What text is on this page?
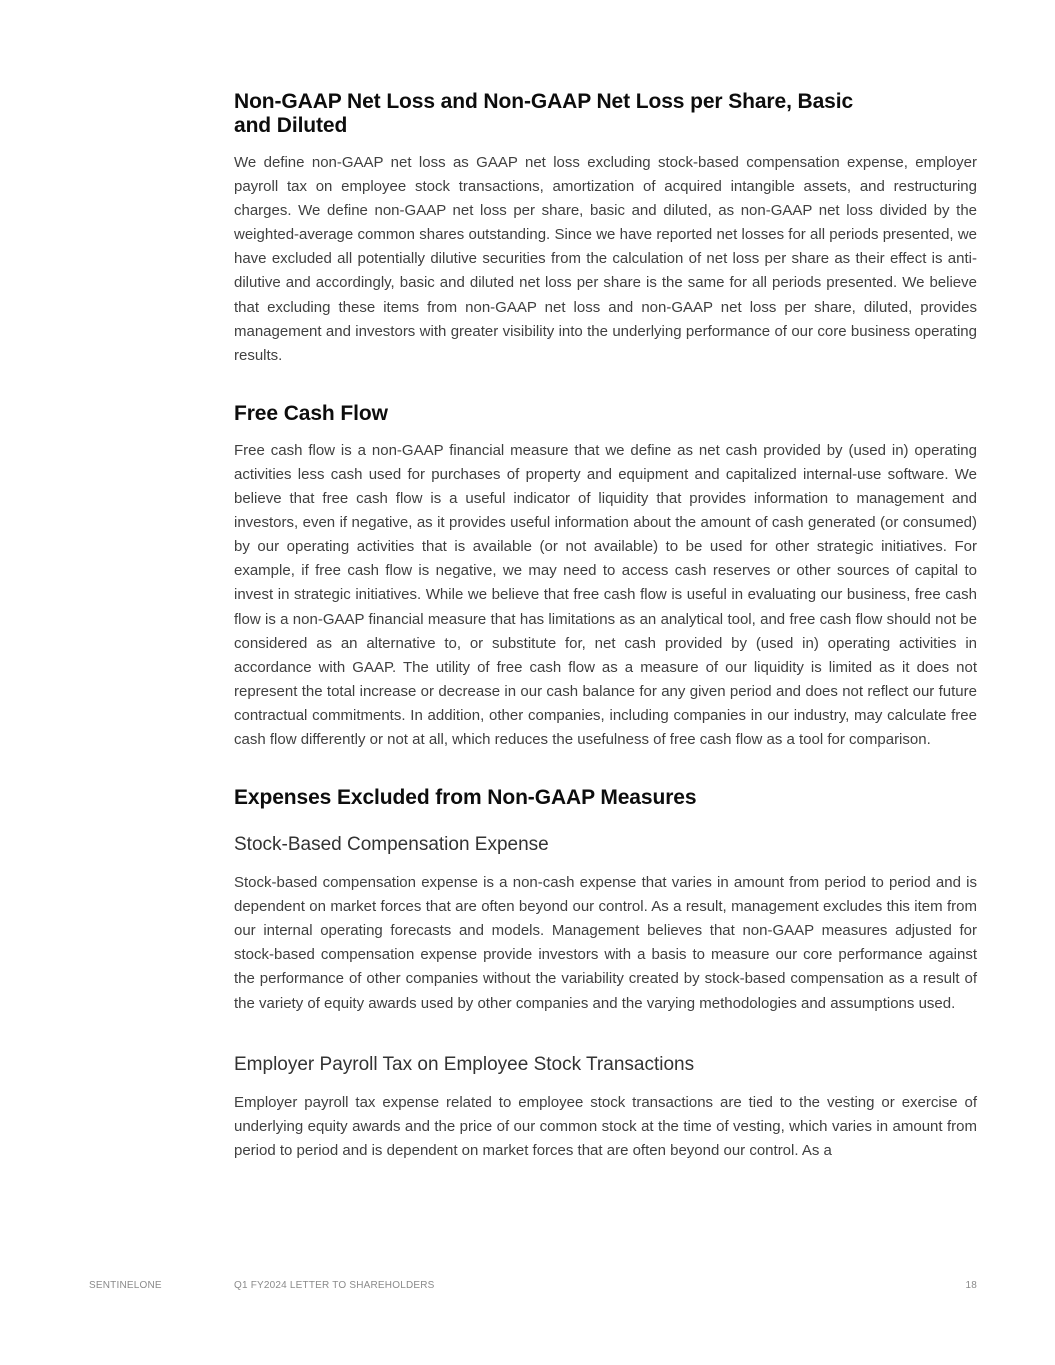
Non-GAAP Net Loss and Non-GAAP Net Loss per Share, Basic and Diluted

We define non-GAAP net loss as GAAP net loss excluding stock-based compensation expense, employer payroll tax on employee stock transactions, amortization of acquired intangible assets, and restructuring charges. We define non-GAAP net loss per share, basic and diluted, as non-GAAP net loss divided by the weighted-average common shares outstanding. Since we have reported net losses for all periods presented, we have excluded all potentially dilutive securities from the calculation of net loss per share as their effect is anti-dilutive and accordingly, basic and diluted net loss per share is the same for all periods presented. We believe that excluding these items from non-GAAP net loss and non-GAAP net loss per share, diluted, provides management and investors with greater visibility into the underlying performance of our core business operating results.

Free Cash Flow

Free cash flow is a non-GAAP financial measure that we define as net cash provided by (used in) operating activities less cash used for purchases of property and equipment and capitalized internal-use software. We believe that free cash flow is a useful indicator of liquidity that provides information to management and investors, even if negative, as it provides useful information about the amount of cash generated (or consumed) by our operating activities that is available (or not available) to be used for other strategic initiatives. For example, if free cash flow is negative, we may need to access cash reserves or other sources of capital to invest in strategic initiatives. While we believe that free cash flow is useful in evaluating our business, free cash flow is a non-GAAP financial measure that has limitations as an analytical tool, and free cash flow should not be considered as an alternative to, or substitute for, net cash provided by (used in) operating activities in accordance with GAAP. The utility of free cash flow as a measure of our liquidity is limited as it does not represent the total increase or decrease in our cash balance for any given period and does not reflect our future contractual commitments. In addition, other companies, including companies in our industry, may calculate free cash flow differently or not at all, which reduces the usefulness of free cash flow as a tool for comparison.

Expenses Excluded from Non-GAAP Measures
Stock-Based Compensation Expense

Stock-based compensation expense is a non-cash expense that varies in amount from period to period and is dependent on market forces that are often beyond our control. As a result, management excludes this item from our internal operating forecasts and models. Management believes that non-GAAP measures adjusted for stock-based compensation expense provide investors with a basis to measure our core performance against the performance of other companies without the variability created by stock-based compensation as a result of the variety of equity awards used by other companies and the varying methodologies and assumptions used.

Employer Payroll Tax on Employee Stock Transactions

Employer payroll tax expense related to employee stock transactions are tied to the vesting or exercise of underlying equity awards and the price of our common stock at the time of vesting, which varies in amount from period to period and is dependent on market forces that are often beyond our control. As a

SENTINELONE	Q1 FY2024 LETTER TO SHAREHOLDERS	18
